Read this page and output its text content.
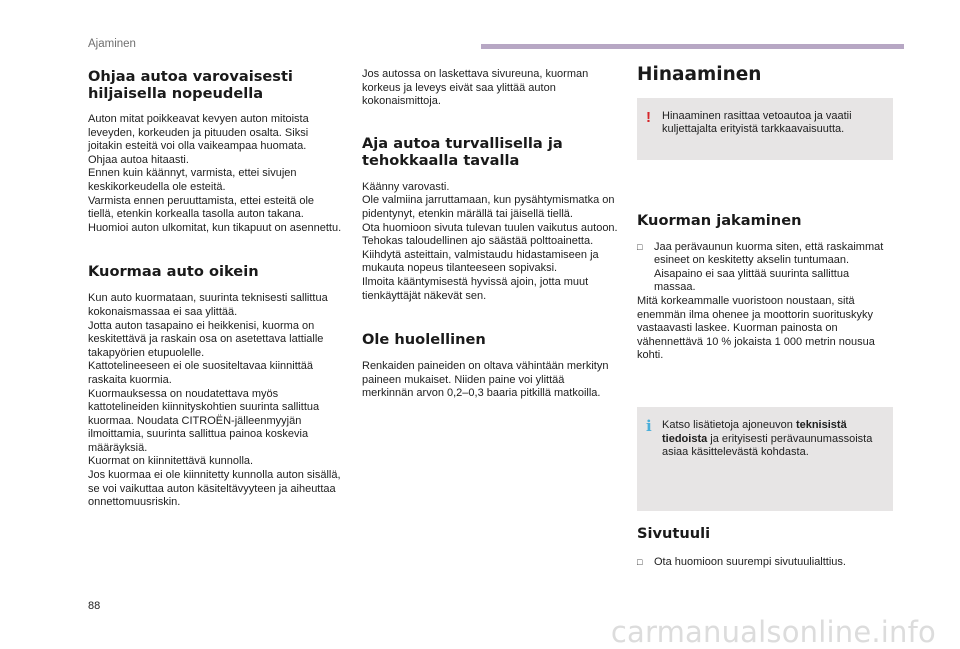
Ajaminen
Ohjaa autoa varovaisesti
hiljaisella nopeudella

Auton mitat poikkeavat kevyen auton mitoista
leveyden, korkeuden ja pituuden osalta. Siksi
joitakin esteitä voi olla vaikeampaa huomata.
Ohjaa autoa hitaasti.
Ennen kuin käännyt, varmista, ettei sivujen
keskikorkeudella ole esteitä.
Varmista ennen peruuttamista, ettei esteitä ole
tiellä, etenkin korkealla tasolla auton takana.
Huomioi auton ulkomitat, kun tikapuut on asennettu.

Kuormaa auto oikein

Kun auto kuormataan, suurinta teknisesti sallittua
kokonaismassaa ei saa ylittää.
Jotta auton tasapaino ei heikkenisi, kuorma on
keskitettävä ja raskain osa on asetettava lattialle
takapyörien etupuolelle.
Kattotelineeseen ei ole suositeltavaa kiinnittää
raskaita kuormia.
Kuormauksessa on noudatettava myös
kattotelineiden kiinnityskohtien suurinta sallittua
kuormaa. Noudata CITROËN-jälleenmyyjän
ilmoittamia, suurinta sallittua painoa koskevia
määräyksiä.
Kuormat on kiinnitettävä kunnolla.
Jos kuormaa ei ole kiinnitetty kunnolla auton sisällä,
se voi vaikuttaa auton käsiteltävyyteen ja aiheuttaa
onnettomuusriskin.

Jos autossa on laskettava sivureuna, kuorman
korkeus ja leveys eivät saa ylittää auton
kokonaismittoja.

Aja autoa turvallisella ja
tehokkaalla tavalla

Käänny varovasti.
Ole valmiina jarruttamaan, kun pysähtymismatka on
pidentynyt, etenkin märällä tai jäisellä tiellä.
Ota huomioon sivuta tulevan tuulen vaikutus autoon.
Tehokas taloudellinen ajo säästää polttoainetta.
Kiihdytä asteittain, valmistaudu hidastamiseen ja
mukauta nopeus tilanteeseen sopivaksi.
Ilmoita kääntymisestä hyvissä ajoin, jotta muut
tienkäyttäjät näkevät sen.

Ole huolellinen

Renkaiden paineiden on oltava vähintään merkityn
paineen mukaiset. Niiden paine voi ylittää
merkinnän arvon 0,2–0,3 baaria pitkillä matkoilla.

Hinaaminen
! Hinaaminen rasittaa vetoautoa ja vaatii
kuljettajalta erityistä tarkkaavaisuutta.

Kuorman jakaminen
□	Jaa perävaunun kuorma siten, että raskaimmat
esineet on keskitetty akselin tuntumaan.
Aisapaino ei saa ylittää suurinta sallittua
massaa.

Mitä korkeammalle vuoristoon noustaan, sitä
enemmän ilma ohenee ja moottorin suorituskyky
vastaavasti laskee. Kuorman painosta on
vähennettävä 10 % jokaista 1 000 metrin nousua
kohti.

i Katso lisätietoja ajoneuvon teknisistä
tiedoista ja erityisesti perävaunumassoista
asiaa käsittelevästä kohdasta.

Sivutuuli
□	Ota huomioon suurempi sivutuulialttius.

88
carmanualsonline.info
